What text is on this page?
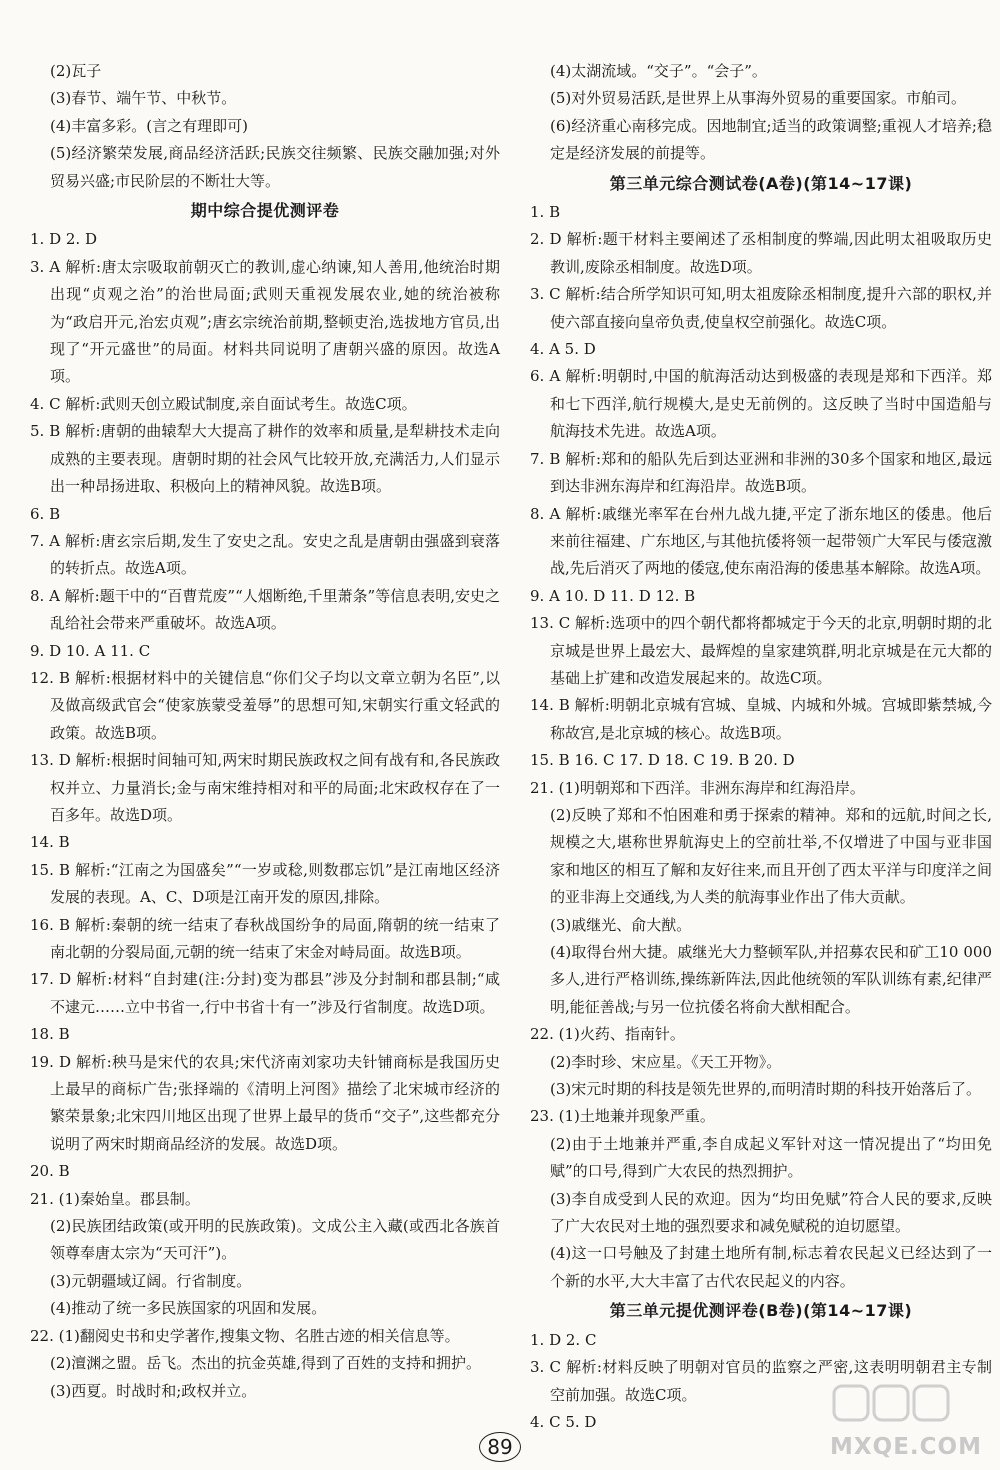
(2)瓦子

(3)春节、端午节、中秋节。

(4)丰富多彩。(言之有理即可)

(5)经济繁荣发展,商品经济活跃;民族交往频繁、民族交融加强;对外贸易兴盛;市民阶层的不断壮大等。

期中综合提优测评卷

1. D 2. D

3. A 解析:唐太宗吸取前朝灭亡的教训,虚心纳谏,知人善用,他统治时期出现“贞观之治”的治世局面;武则天重视发展农业,她的统治被称为“政启开元,治宏贞观”;唐玄宗统治前期,整顿吏治,选拔地方官员,出现了“开元盛世”的局面。材料共同说明了唐朝兴盛的原因。故选A项。

4. C 解析:武则天创立殿试制度,亲自面试考生。故选C项。

5. B 解析:唐朝的曲辕犁大大提高了耕作的效率和质量,是犁耕技术走向成熟的主要表现。唐朝时期的社会风气比较开放,充满活力,人们显示出一种昂扬进取、积极向上的精神风貌。故选B项。

6. B

7. A 解析:唐玄宗后期,发生了安史之乱。安史之乱是唐朝由强盛到衰落的转折点。故选A项。

8. A 解析:题干中的“百曹荒废”“人烟断绝,千里萧条”等信息表明,安史之乱给社会带来严重破坏。故选A项。

9. D 10. A 11. C

12. B 解析:根据材料中的关键信息“你们父子均以文章立朝为名臣”,以及做高级武官会“使家族蒙受羞辱”的思想可知,宋朝实行重文轻武的政策。故选B项。

13. D 解析:根据时间轴可知,两宋时期民族政权之间有战有和,各民族政权并立、力量消长;金与南宋维持相对和平的局面;北宋政权存在了一百多年。故选D项。

14. B

15. B 解析:“江南之为国盛矣”“一岁或稔,则数郡忘饥”是江南地区经济发展的表现。A、C、D项是江南开发的原因,排除。

16. B 解析:秦朝的统一结束了春秋战国纷争的局面,隋朝的统一结束了南北朝的分裂局面,元朝的统一结束了宋金对峙局面。故选B项。

17. D 解析:材料“自封建(注:分封)变为郡县”涉及分封制和郡县制;“咸不逮元……立中书省一,行中书省十有一”涉及行省制度。故选D项。

18. B

19. D 解析:秧马是宋代的农具;宋代济南刘家功夫针铺商标是我国历史上最早的商标广告;张择端的《清明上河图》描绘了北宋城市经济的繁荣景象;北宋四川地区出现了世界上最早的货币“交子”,这些都充分说明了两宋时期商品经济的发展。故选D项。

20. B

21. (1)秦始皇。郡县制。

(2)民族团结政策(或开明的民族政策)。文成公主入藏(或西北各族首领尊奉唐太宗为“天可汗”)。

(3)元朝疆域辽阔。行省制度。

(4)推动了统一多民族国家的巩固和发展。

22. (1)翻阅史书和史学著作,搜集文物、名胜古迹的相关信息等。

(2)澶渊之盟。岳飞。杰出的抗金英雄,得到了百姓的支持和拥护。

(3)西夏。时战时和;政权并立。

(4)太湖流域。“交子”。“会子”。

(5)对外贸易活跃,是世界上从事海外贸易的重要国家。市舶司。

(6)经济重心南移完成。因地制宜;适当的政策调整;重视人才培养;稳定是经济发展的前提等。

第三单元综合测试卷(A卷)(第14~17课)

1. B

2. D 解析:题干材料主要阐述了丞相制度的弊端,因此明太祖吸取历史教训,废除丞相制度。故选D项。

3. C 解析:结合所学知识可知,明太祖废除丞相制度,提升六部的职权,并使六部直接向皇帝负责,使皇权空前强化。故选C项。

4. A 5. D

6. A 解析:明朝时,中国的航海活动达到极盛的表现是郑和下西洋。郑和七下西洋,航行规模大,是史无前例的。这反映了当时中国造船与航海技术先进。故选A项。

7. B 解析:郑和的船队先后到达亚洲和非洲的30多个国家和地区,最远到达非洲东海岸和红海沿岸。故选B项。

8. A 解析:戚继光率军在台州九战九捷,平定了浙东地区的倭患。他后来前往福建、广东地区,与其他抗倭将领一起带领广大军民与倭寇激战,先后消灭了两地的倭寇,使东南沿海的倭患基本解除。故选A项。

9. A 10. D 11. D 12. B

13. C 解析:选项中的四个朝代都将都城定于今天的北京,明朝时期的北京城是世界上最宏大、最辉煌的皇家建筑群,明北京城是在元大都的基础上扩建和改造发展起来的。故选C项。

14. B 解析:明朝北京城有宫城、皇城、内城和外城。宫城即紫禁城,今称故宫,是北京城的核心。故选B项。

15. B 16. C 17. D 18. C 19. B 20. D

21. (1)明朝郑和下西洋。非洲东海岸和红海沿岸。

(2)反映了郑和不怕困难和勇于探索的精神。郑和的远航,时间之长,规模之大,堪称世界航海史上的空前壮举,不仅增进了中国与亚非国家和地区的相互了解和友好往来,而且开创了西太平洋与印度洋之间的亚非海上交通线,为人类的航海事业作出了伟大贡献。

(3)戚继光、俞大猷。

(4)取得台州大捷。戚继光大力整顿军队,并招募农民和矿工10 000多人,进行严格训练,操练新阵法,因此他统领的军队训练有素,纪律严明,能征善战;与另一位抗倭名将俞大猷相配合。

22. (1)火药、指南针。

(2)李时珍、宋应星。《天工开物》。

(3)宋元时期的科技是领先世界的,而明清时期的科技开始落后了。

23. (1)土地兼并现象严重。

(2)由于土地兼并严重,李自成起义军针对这一情况提出了“均田免赋”的口号,得到广大农民的热烈拥护。

(3)李自成受到人民的欢迎。因为“均田免赋”符合人民的要求,反映了广大农民对土地的强烈要求和减免赋税的迫切愿望。

(4)这一口号触及了封建土地所有制,标志着农民起义已经达到了一个新的水平,大大丰富了古代农民起义的内容。

第三单元提优测评卷(B卷)(第14~17课)

1. D 2. C

3. C 解析:材料反映了明朝对官员的监察之严密,这表明明朝君主专制空前加强。故选C项。

4. C 5. D

89	MXQE.COM
